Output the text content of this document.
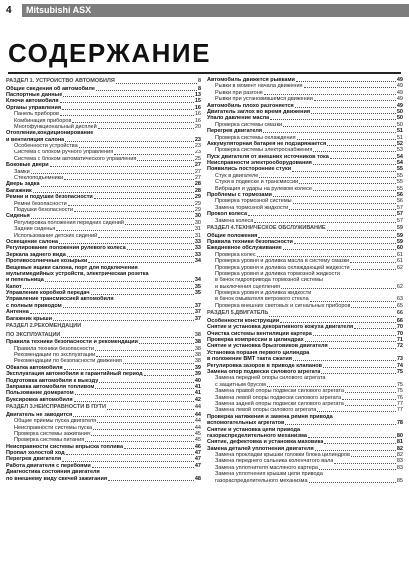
4	Mitsubishi ASX
СОДЕРЖАНИЕ
РАЗДЕЛ 1. УСТРОЙСТВО АВТОМОБИЛЯ	8
Общие сведения об автомобиле	8
Паспортные данные	13
Ключи автомобиля	15
Органы управления	16
Панель приборов	16
Комбинация приборов	16
Многофункциональный дисплей	20
Отопление,кондиционирование
и вентиляция салона	23
Особенности устройства	23
Система с блоком ручного управления	23
Система с блоком автоматического управления	25
Боковые двери	27
Замки	27
Стеклоподъемники	27
Дверь задка	28
Багажник	28
Ремни и подушки безопасности	29
Ремни безопасности	29
Подушки безопасности	29
Сиденья	30
Регулировка положения передних сидений	30
Задние сиденья	31
Использование детских сидений	31
Освещение салона	33
Регулирование положения рулевого колеса	33
Зеркала заднего вида	33
Противосолнечные козырьки	34
Вещевые ящики салона, порт для подключения
мультимедийных устройств, электрическая розетка
и пепельница	34
Капот	35
Управление коробкой передач	35
Управление трансмиссией автомобиля
с полным приводом	37
Антенна	37
Багажник крыши	37
РАЗДЕЛ 2.РЕКОМЕНДАЦИИ
ПО ЭКСПЛУАТАЦИИ	38
Правила техники безопасности и рекомендации	38
Правила техники безопасности	38
Рекомендации по эксплуатации	38
Рекомендации по безопасности движения	38
Обкатка автомобиля	39
Эксплуатация автомобиля в гарантийный период	39
Подготовка автомобиля к выезду	40
Заправка автомобиля топливом	41
Пользование домкратом	41
Буксировка автомобиля	42
РАЗДЕЛ 3.НЕИСПРАВНОСТИ В ПУТИ	44
Двигатель не заводится	44
Общие приемы пуска двигателя	44
Неисправности системы пуска	44
Проверка системы зажигания	45
Проверка системы питания	45
Неисправности системы впрыска топлива	46
Пропал холостой ход	47
Перегрев двигателя	47
Работа двигателя с перебоями	47
Диагностика состояния двигателя
по внешнему виду свечей зажигания	48
Автомобиль движется рывками	49
Рывки в момент начала движения	49
Рывки при разгоне	49
Рывки при установившемся движении	49
Автомобиль плохо разгоняется	49
Двигатель заглох во время движения	50
Упало давление масла	50
Проверка системы смазки	50
Перегрев двигателя	51
Проверка системы охлаждения	51
Аккумуляторная батарея не подзаряжается	52
Проверка системы электроснабжения	53
Пуск двигателя от внешних источников тока	54
Неисправности электрооборудования	54
Появились посторонние стуки	55
Стук в двигателе	55
Стуки в подвеске и трансмиссии	55
Вибрация и удары на рулевом колесе	55
Проблемы с тормозами	56
Проверка тормозной системы	56
Замена тормозной жидкости	57
Прокол колеса	57
Замена колеса	57
РАЗДЕЛ 4.ТЕХНИЧЕСКОЕ ОБСЛУЖИВАНИЕ	59
Общие положения	59
Правила техники безопасности	59
Ежедневное обслуживание	60
Проверка колес	61
Проверка уровня и доливка масла в систему смазки	61
Проверка уровня и доливка охлаждающей жидкости	62
Проверка уровня и доливка тормозной жидкости
в бачок гидропривода тормозной системы
и выключения сцепления	62
Проверка уровня и доливка жидкости
в бачок омывателя ветрового стекла	63
Проверка внешних световых и сигнальных приборов	65
РАЗДЕЛ 5.ДВИГАТЕЛЬ	66
Особенности конструкции	66
Снятие и установка декоративного кожуха двигателя	70
Очистка системы вентиляции картера	70
Проверка компрессии в цилиндрах	71
Снятие и установка брызговиков двигателя	72
Установка поршня первого цилиндра
в положение ВМТ такта сжатия	73
Регулировка зазоров в приводе клапанов	74
Замена опор подвески силового агрегата	75
Замена передней опоры силового агрегата
с защитным брусом	75
Замена правой опоры подвески силового агрегата	75
Замена левой опоры подвески силового агрегата	76
Замена задней опоры подвески силового агрегата	77
Замена левой опоры силового агрегата	77
Проверка натяжения и замена ремня привода
вспомогательных агрегатов	78
Снятие и установка цепи привода
газораспределительного механизма	80
Снятие, дефектовка и установка маховика	81
Замена деталей уплотнения двигателя	82
Замена прокладки крышки головки блока цилиндров	82
Замена переднего сальника коленчатого вала	83
Замена уплотнителя масляного картера	83
Замена уплотнения крышки цепи привода
газораспределительного механизма	85
